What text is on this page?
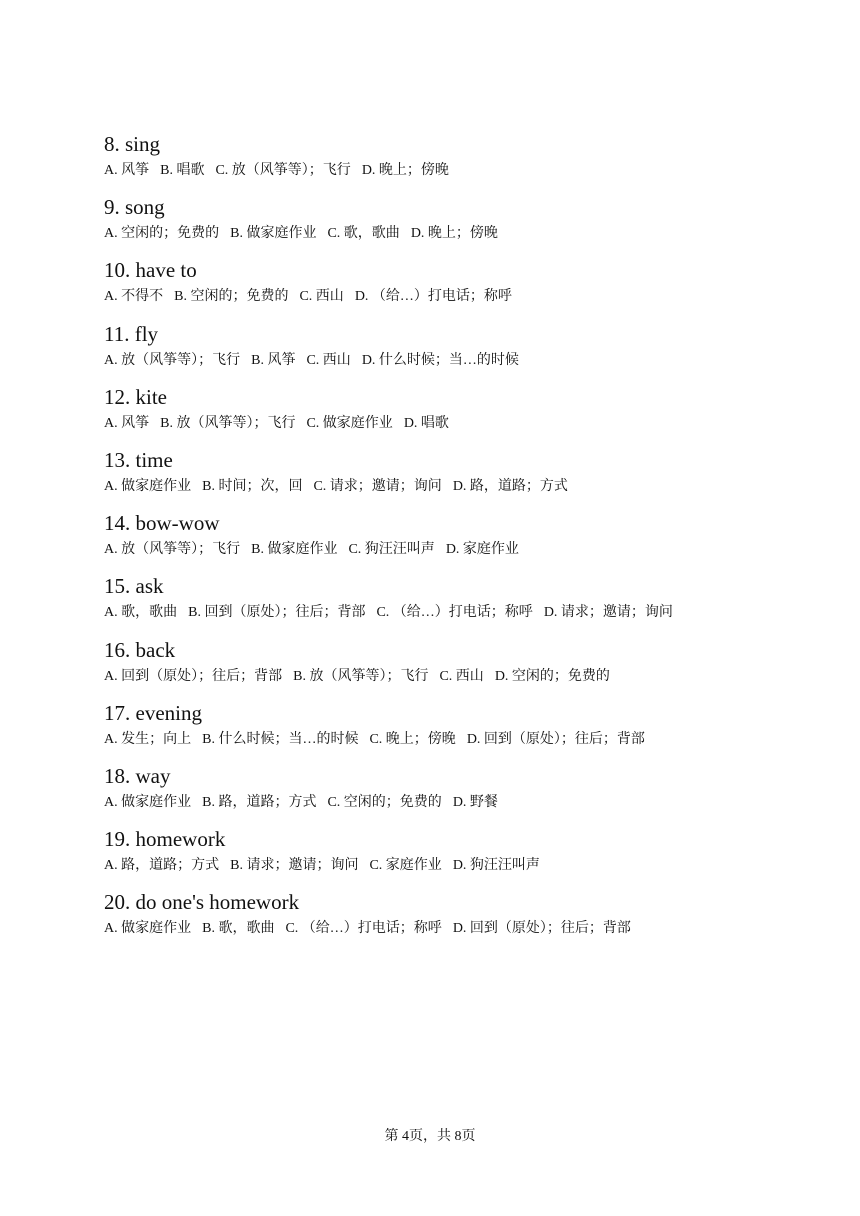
8. sing
A. 风筝 B. 唱歌 C. 放（风筝等）；飞行 D. 晚上；傍晚
9. song
A. 空闲的；免费的 B. 做家庭作业 C. 歌，歌曲 D. 晚上；傍晚
10. have to
A. 不得不 B. 空闲的；免费的 C. 西山 D. （给…）打电话；称呼
11. fly
A. 放（风筝等）；飞行 B. 风筝 C. 西山 D. 什么时候；当…的时候
12. kite
A. 风筝 B. 放（风筝等）；飞行 C. 做家庭作业 D. 唱歌
13. time
A. 做家庭作业 B. 时间；次，回 C. 请求；邀请；询问 D. 路，道路；方式
14. bow-wow
A. 放（风筝等）；飞行 B. 做家庭作业 C. 狗汪汪叫声 D. 家庭作业
15. ask
A. 歌，歌曲 B. 回到（原处）；往后；背部 C. （给…）打电话；称呼 D. 请求；邀请；询问
16. back
A. 回到（原处）；往后；背部 B. 放（风筝等）；飞行 C. 西山 D. 空闲的；免费的
17. evening
A. 发生；向上 B. 什么时候；当…的时候 C. 晚上；傍晚 D. 回到（原处）；往后；背部
18. way
A. 做家庭作业 B. 路，道路；方式 C. 空闲的；免费的 D. 野餐
19. homework
A. 路，道路；方式 B. 请求；邀请；询问 C. 家庭作业 D. 狗汪汪叫声
20. do one's homework
A. 做家庭作业 B. 歌，歌曲 C. （给…）打电话；称呼 D. 回到（原处）；往后；背部
第 4页，共 8页
